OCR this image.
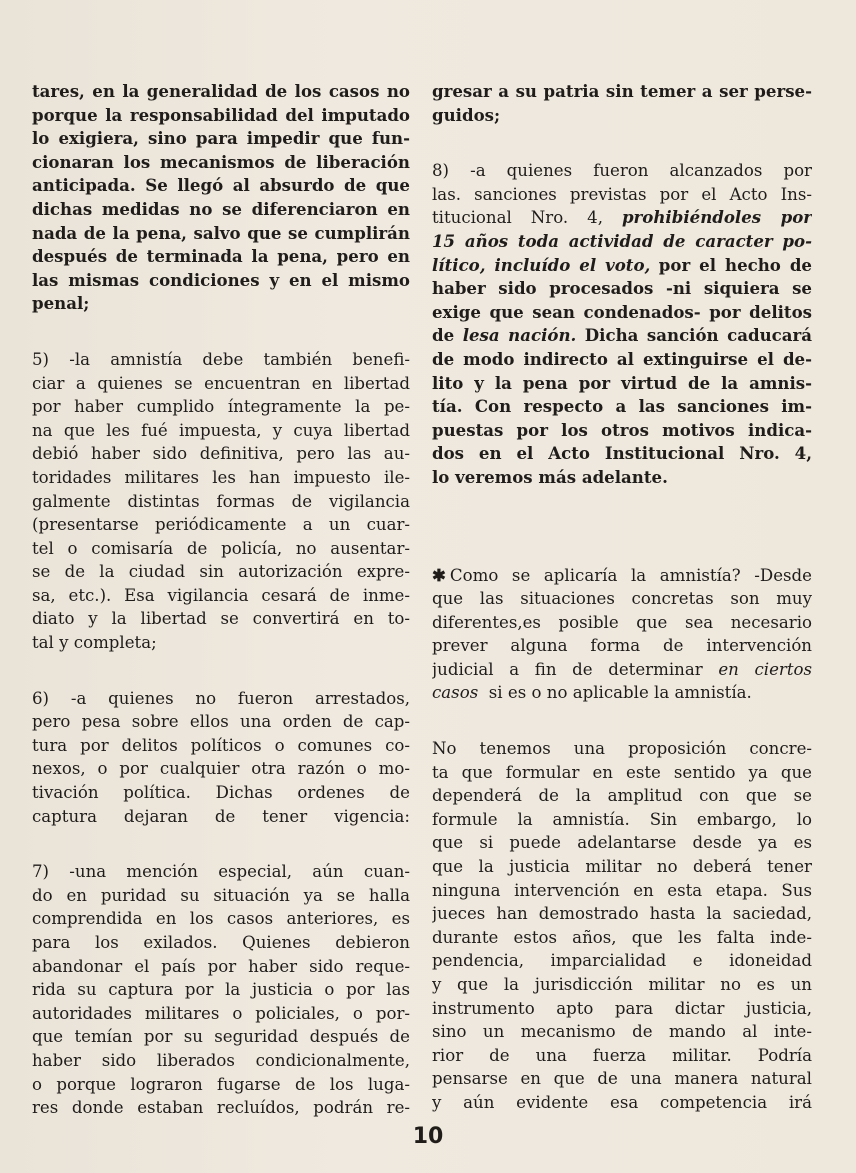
tares, en la generalidad de los casos no
porque la responsabilidad del imputado
lo exigiera, sino para impedir que fun-
cionaran los mecanismos de liberación
anticipada. Se llegó al absurdo de que
dichas medidas no se diferenciaron en
nada de la pena, salvo que se cumplirán
después de terminada la pena, pero en
las mismas condiciones y en el mismo
penal;
5) -la amnistía debe también benefi-
ciar a quienes se encuentran en libertad
por haber cumplido íntegramente la pe-
na que les fué impuesta, y cuya libertad
debió haber sido definitiva, pero las au-
toridades militares les han impuesto ile-
galmente distintas formas de vigilancia
(presentarse periódicamente a un cuar-
tel o comisaría de policía, no ausentar-
se de la ciudad sin autorización expre-
sa, etc.). Esa vigilancia cesará de inme-
diato y la libertad se convertirá en to-
tal y completa;
6) -a quienes no fueron arrestados,
pero pesa sobre ellos una orden de cap-
tura por delitos políticos o comunes co-
nexos, o por cualquier otra razón o mo-
tivación política. Dichas ordenes de
captura dejaran de tener vigencia:
7) -una mención especial, aún cuan-
do en puridad su situación ya se halla
comprendida en los casos anteriores, es
para los exilados. Quienes debieron
abandonar el país por haber sido reque-
rida su captura por la justicia o por las
autoridades militares o policiales, o por-
que temían por su seguridad después de
haber sido liberados condicionalmente,
o porque lograron fugarse de los luga-
res donde estaban recluídos, podrán re-
gresar a su patria sin temer a ser perse-
guidos;
8) -a quienes fueron alcanzados por
las. sanciones previstas por el Acto Ins-
titucional Nro. 4, prohibiéndoles por
15 años toda actividad de caracter po-
lítico, incluído el voto, por el hecho de
haber sido procesados -ni siquiera se
exige que sean condenados- por delitos
de lesa nación. Dicha sanción caducará
de modo indirecto al extinguirse el de-
lito y la pena por virtud de la amnis-
tía. Con respecto a las sanciones im-
puestas por los otros motivos indica-
dos en el Acto Institucional Nro. 4,
lo veremos más adelante.
✱ Como se aplicaría la amnistía? -Desde
que las situaciones concretas son muy
diferentes,es posible que sea necesario
prever alguna forma de intervención
judicial a fin de determinar en ciertos
casos si es o no aplicable la amnistía.
No tenemos una proposición concre-
ta que formular en este sentido ya que
dependerá de la amplitud con que se
formule la amnistía. Sin embargo, lo
que si puede adelantarse desde ya es
que la justicia militar no deberá tener
ninguna intervención en esta etapa. Sus
jueces han demostrado hasta la saciedad,
durante estos años, que les falta inde-
pendencia, imparcialidad e idoneidad
y que la jurisdicción militar no es un
instrumento apto para dictar justicia,
sino un mecanismo de mando al inte-
rior de una fuerza militar. Podría
pensarse en que de una manera natural
y aún evidente esa competencia irá
10
